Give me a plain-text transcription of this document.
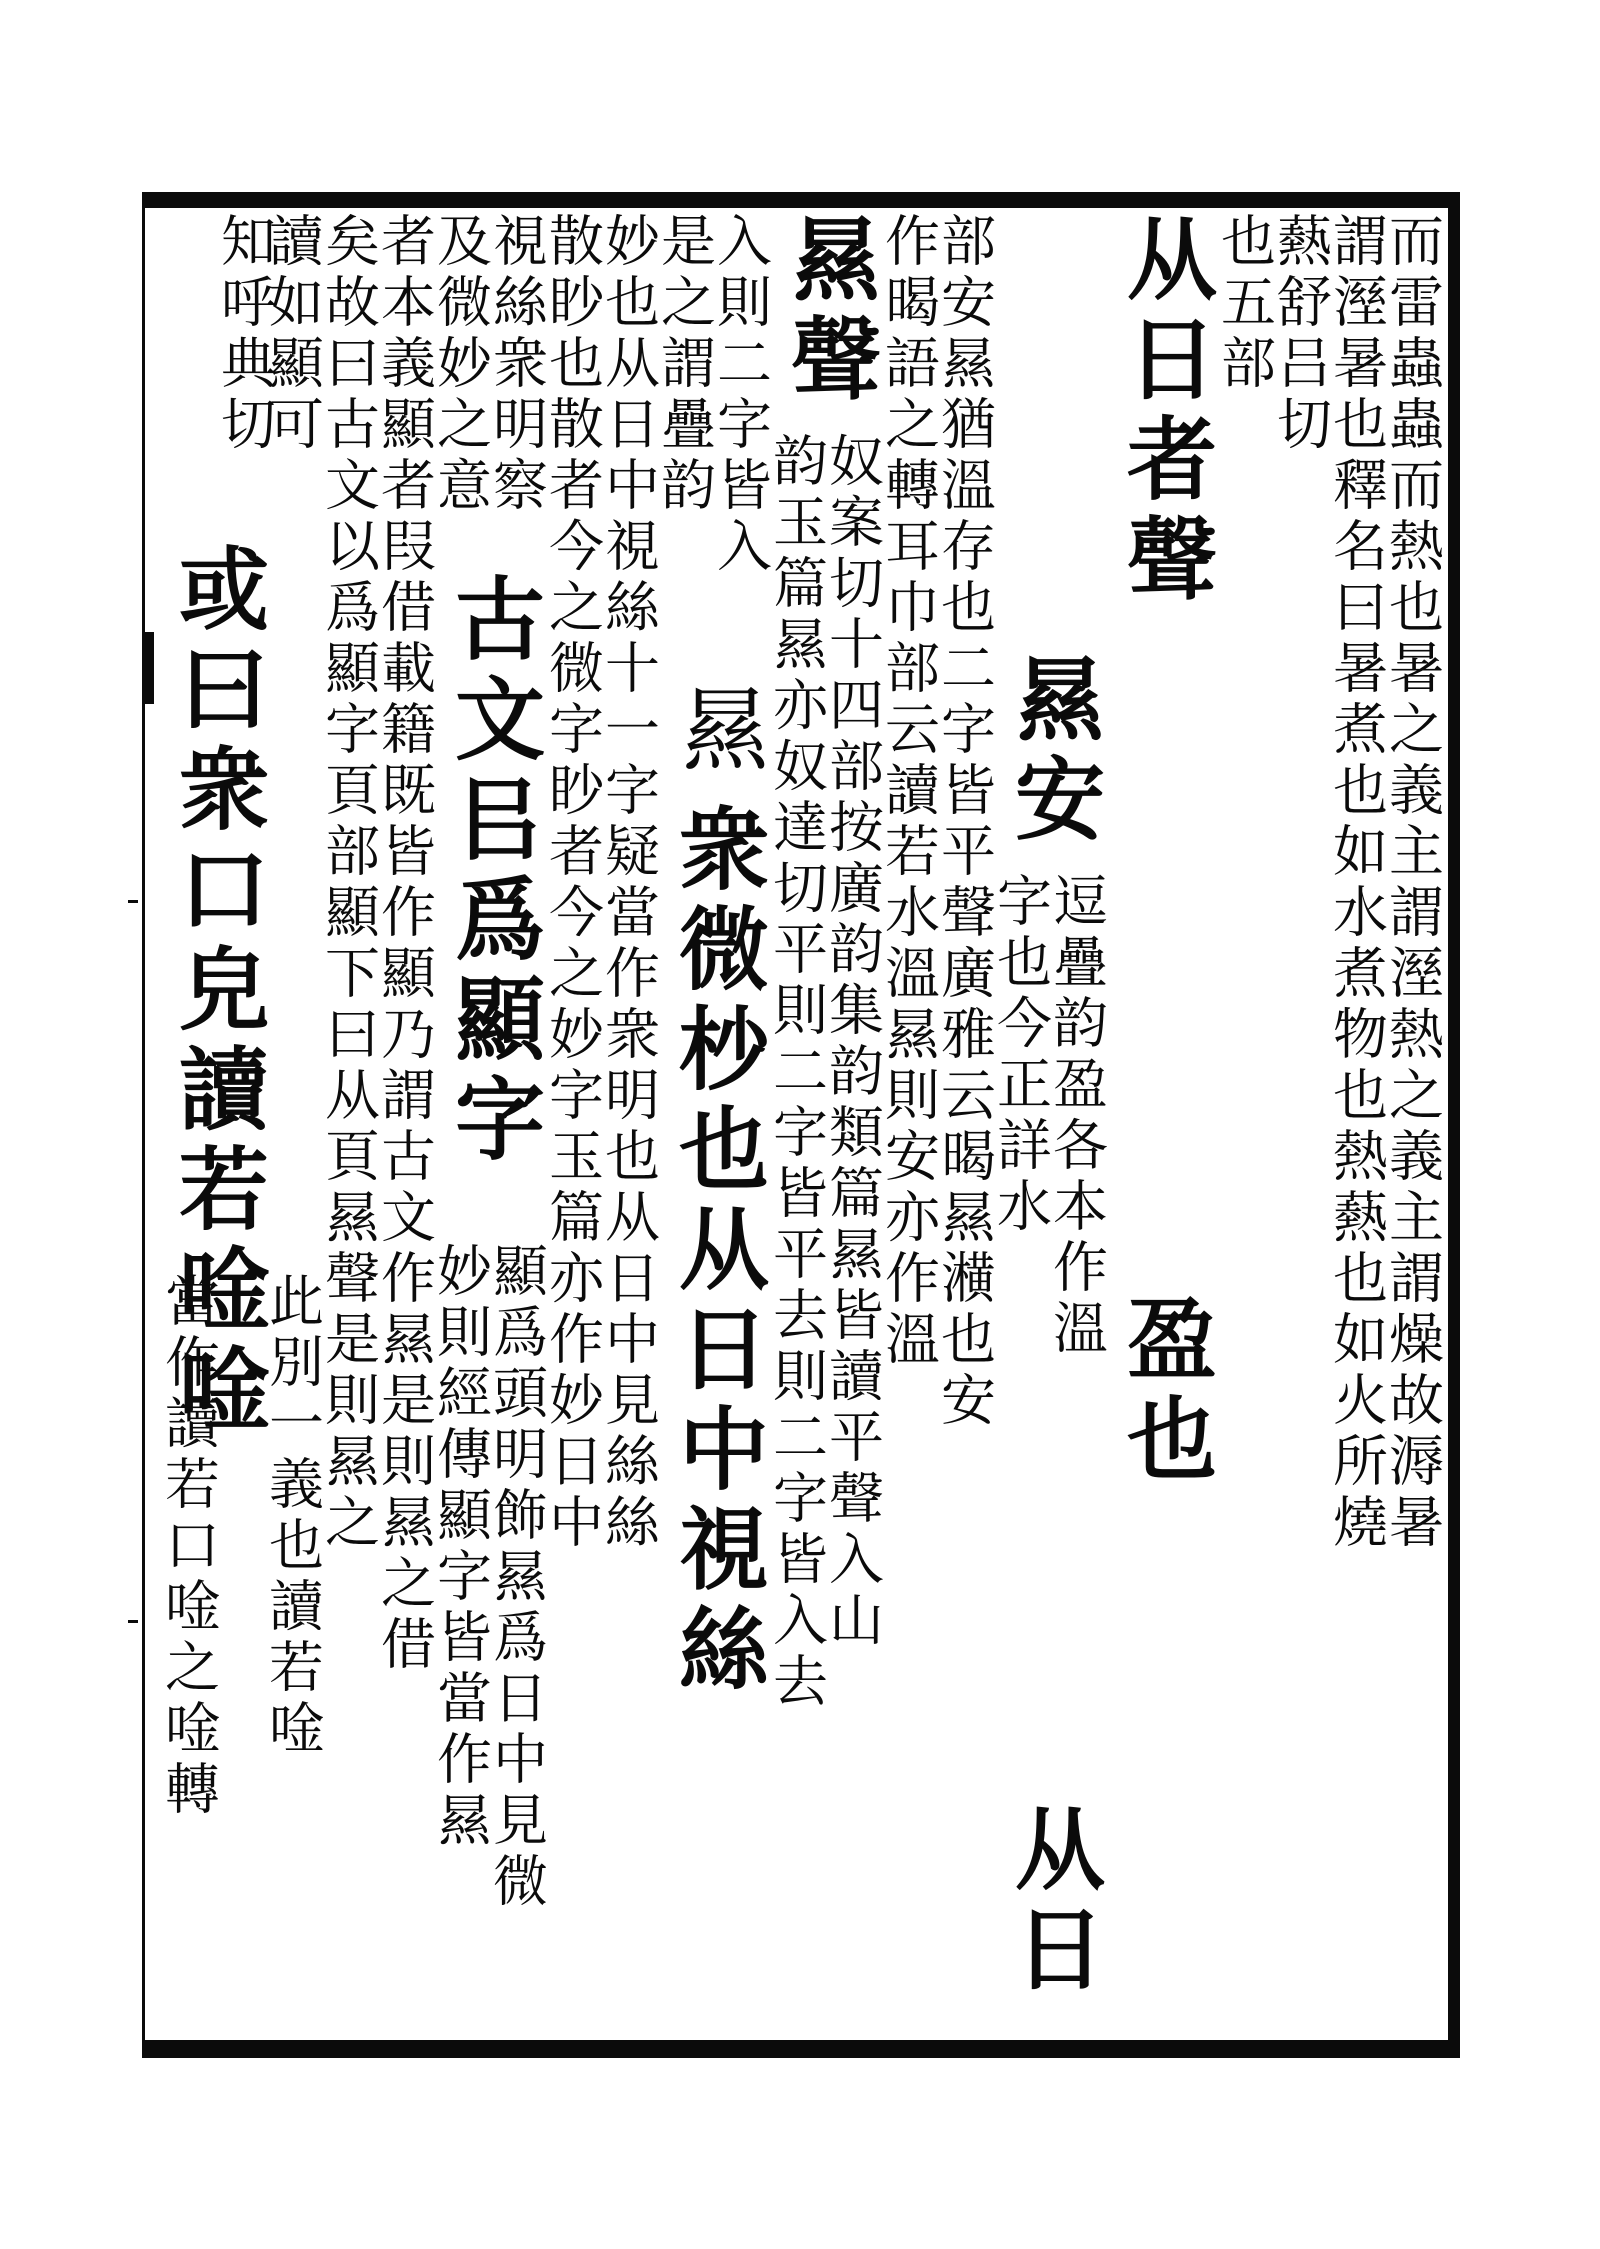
而雷蟲蟲而熱也暑之義主謂溼熱之義主謂燥故溽暑
謂溼暑也釋名曰暑煮也如水煮物也熱爇也如火所燒
爇舒吕切
也五部
从日者聲
盈也
㬎安
逗疊韵盈各本作溫
字也今正詳水
从日
部安㬎猶溫存也二字皆平聲廣雅云暍㬎㶇也安
作暍語之轉耳巾部云讀若水溫㬎則安亦作溫
㬎聲
奴案切十四部按廣韵集韵類篇㬎皆讀平聲入山
韵玉篇㬎亦奴達切平則二字皆平去則二字皆入去
入則二字皆入
是之謂疊韵
㬎
衆微杪也从日中視絲
妙也从日中視絲十一字疑當作衆明也从日中見絲絲
散眇也散者今之微字眇者今之妙字玉篇亦作妙日中
視絲衆明察
及微妙之意
古文㠯爲顯字
顯爲頭明飾㬎爲日中見微
妙則經傳顯字皆當作㬎
者本義顯者叚借載籍既皆作顯乃謂古文作㬎是則㬎之借
矣故曰古文以爲顯字頁部顯下曰从頁㬎聲是則㬎之
此別一義也讀若唫
讀如顯可
知呼典切
或曰衆口皃讀若唫唫
當作讀若口唫之唫轉
